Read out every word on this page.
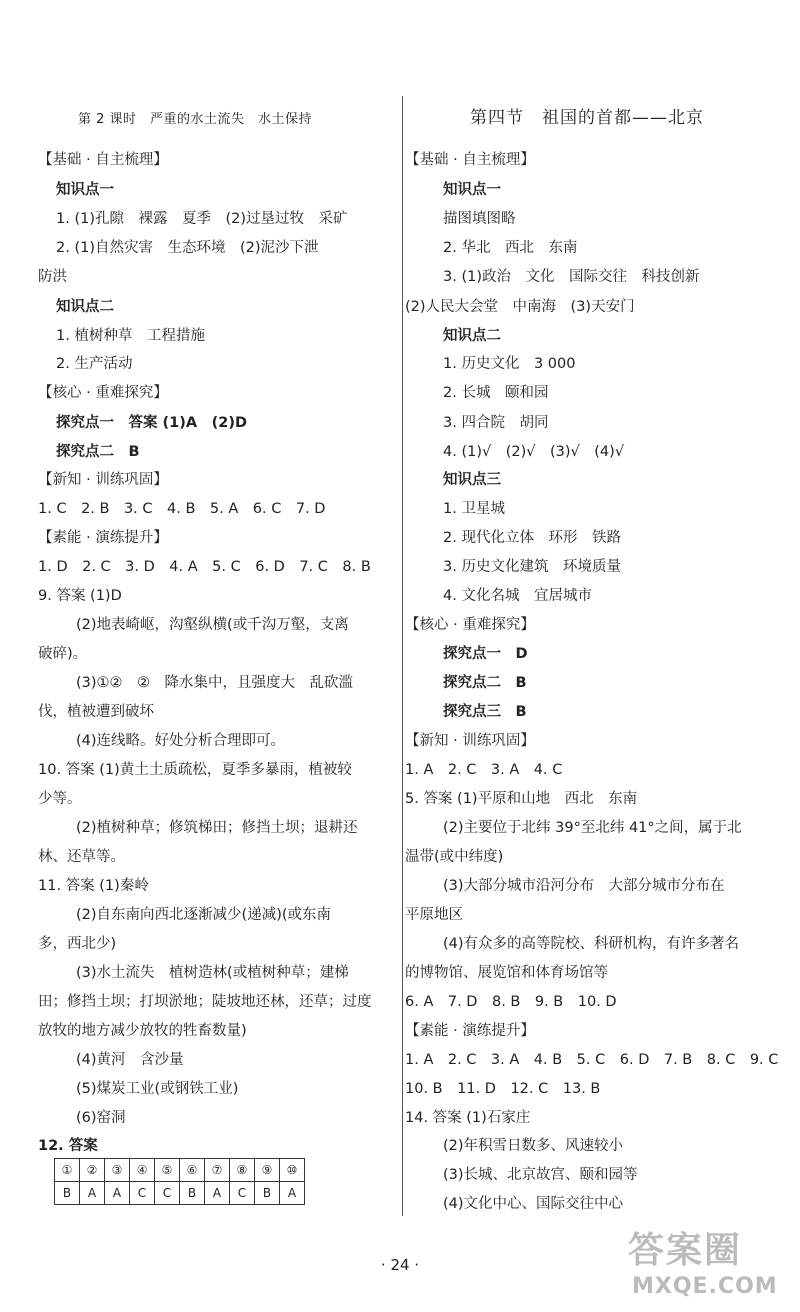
第 2 课时　严重的水土流失　水土保持
【基础 · 自主梳理】
知识点一
1. (1)孔隙　裸露　夏季　(2)过垦过牧　采矿
2. (1)自然灾害　生态环境　(2)泥沙下泄
防洪
知识点二
1. 植树种草　工程措施
2. 生产活动
【核心 · 重难探究】
探究点一　答案 (1)A　(2)D
探究点二　B
【新知 · 训练巩固】
1. C　2. B　3. C　4. B　5. A　6. C　7. D
【素能 · 演练提升】
1. D　2. C　3. D　4. A　5. C　6. D　7. C　8. B
9. 答案 (1)D
(2)地表崎岖，沟壑纵横(或千沟万壑，支离
破碎)。
(3)①②　②　降水集中，且强度大　乱砍滥
伐，植被遭到破坏
(4)连线略。好处分析合理即可。
10. 答案 (1)黄土土质疏松，夏季多暴雨，植被较
少等。
(2)植树种草；修筑梯田；修挡土坝；退耕还
林、还草等。
11. 答案 (1)秦岭
(2)自东南向西北逐渐减少(递减)(或东南
多，西北少)
(3)水土流失　植树造林(或植树种草；建梯
田；修挡土坝；打坝淤地；陡坡地还林，还草；过度
放牧的地方减少放牧的牲畜数量)
(4)黄河　含沙量
(5)煤炭工业(或钢铁工业)
(6)窑洞
12. 答案
①	②	③	④	⑤	⑥	⑦	⑧	⑨	⑩
B	A	A	C	C	B	A	C	B	A
第四节　祖国的首都——北京
【基础 · 自主梳理】
知识点一
描图填图略
2. 华北　西北　东南
3. (1)政治　文化　国际交往　科技创新
(2)人民大会堂　中南海　(3)天安门
知识点二
1. 历史文化　3 000
2. 长城　颐和园
3. 四合院　胡同
4. (1)√　(2)√　(3)√　(4)√
知识点三
1. 卫星城
2. 现代化立体　环形　铁路
3. 历史文化建筑　环境质量
4. 文化名城　宜居城市
【核心 · 重难探究】
探究点一　D
探究点二　B
探究点三　B
【新知 · 训练巩固】
1. A　2. C　3. A　4. C
5. 答案 (1)平原和山地　西北　东南
(2)主要位于北纬 39°至北纬 41°之间，属于北
温带(或中纬度)
(3)大部分城市沿河分布　大部分城市分布在
平原地区
(4)有众多的高等院校、科研机构，有许多著名
的博物馆、展览馆和体育场馆等
6. A　7. D　8. B　9. B　10. D
【素能 · 演练提升】
1. A　2. C　3. A　4. B　5. C　6. D　7. B　8. C　9. C
10. B　11. D　12. C　13. B
14. 答案 (1)石家庄
(2)年积雪日数多、风速较小
(3)长城、北京故宫、颐和园等
(4)文化中心、国际交往中心
· 24 ·	答案圈
MXQE.COM
